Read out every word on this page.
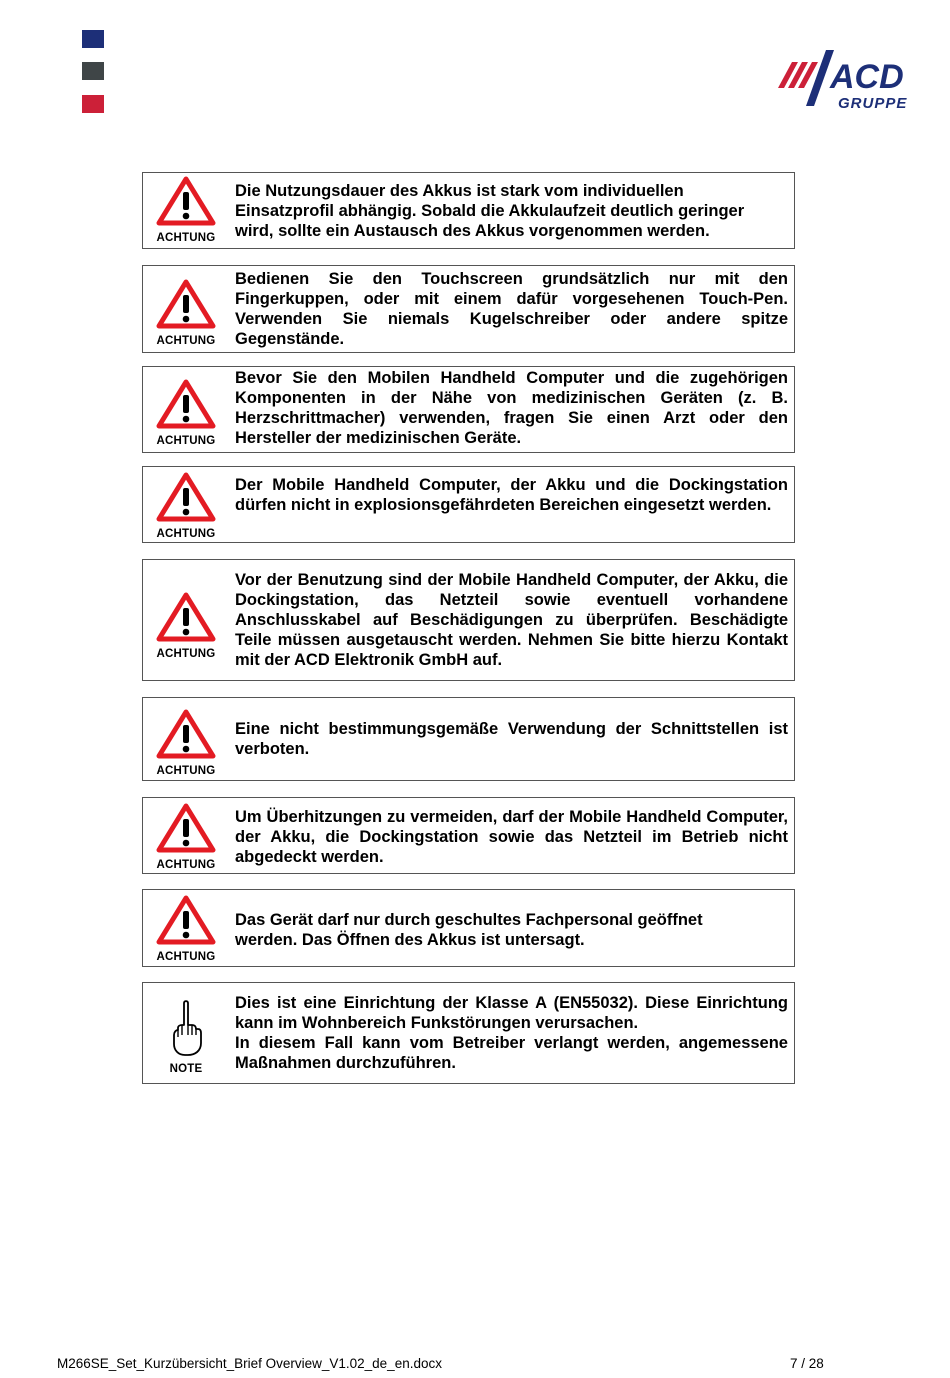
ACD
GRUPPE
ACHTUNG
Die Nutzungsdauer des Akkus ist stark vom individuellen
Einsatzprofil abhängig. Sobald die Akkulaufzeit deutlich geringer
wird, sollte ein Austausch des Akkus vorgenommen werden.
ACHTUNG
Bedienen Sie den Touchscreen grundsätzlich nur mit den Fingerkuppen, oder mit einem dafür vorgesehenen Touch-Pen. Verwenden Sie niemals Kugelschreiber oder andere spitze Gegenstände.
ACHTUNG
Bevor Sie den Mobilen Handheld Computer und die zugehörigen Komponenten in der Nähe von medizinischen Geräten (z. B. Herzschrittmacher) verwenden, fragen Sie einen Arzt oder den Hersteller der medizinischen Geräte.
ACHTUNG
Der Mobile Handheld Computer, der Akku und die Dockingstation dürfen nicht in explosionsgefährdeten Bereichen eingesetzt werden.
ACHTUNG
Vor der Benutzung sind der Mobile Handheld Computer, der Akku, die Dockingstation, das Netzteil sowie eventuell vorhandene Anschlusskabel auf Beschädigungen zu überprüfen. Beschädigte Teile müssen ausgetauscht werden. Nehmen Sie bitte hierzu Kontakt mit der ACD Elektronik GmbH auf.
ACHTUNG
Eine nicht bestimmungsgemäße Verwendung der Schnittstellen ist verboten.
ACHTUNG
Um Überhitzungen zu vermeiden, darf der Mobile Handheld Computer, der Akku, die Dockingstation sowie das Netzteil im Betrieb nicht abgedeckt werden.
ACHTUNG
Das Gerät darf nur durch geschultes Fachpersonal geöffnet
werden. Das Öffnen des Akkus ist untersagt.
NOTE
Dies ist eine Einrichtung der Klasse A (EN55032). Diese Einrichtung kann im Wohnbereich Funkstörungen verursachen.
In diesem Fall kann vom Betreiber verlangt werden, angemessene Maßnahmen durchzuführen.
M266SE_Set_Kurzübersicht_Brief Overview_V1.02_de_en.docx	7 / 28
